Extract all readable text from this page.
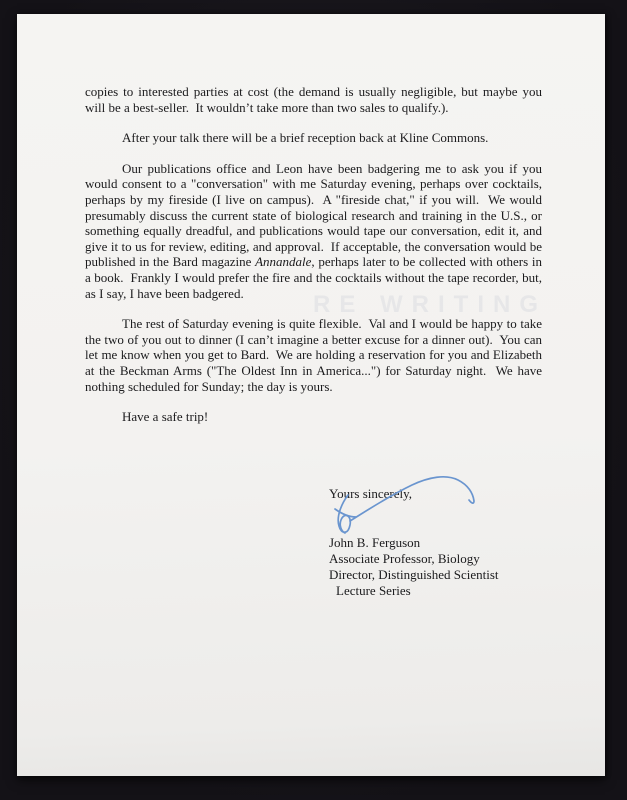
RE WRITING

copies to interested parties at cost (the demand is usually negligible, but maybe you will be a best-seller.  It wouldn’t take more than two sales to qualify.).

After your talk there will be a brief reception back at Kline Commons.

Our publications office and Leon have been badgering me to ask you if you would consent to a "conversation" with me Saturday evening, perhaps over cocktails, perhaps by my fireside (I live on campus).  A "fireside chat," if you will.  We would presumably discuss the current state of biological research and training in the U.S., or something equally dreadful, and publications would tape our conversation, edit it, and give it to us for review, editing, and approval.  If acceptable, the conversation would be published in the Bard magazine Annandale, perhaps later to be collected with others in a book.  Frankly I would prefer the fire and the cocktails without the tape recorder, but, as I say, I have been badgered.

The rest of Saturday evening is quite flexible.  Val and I would be happy to take the two of you out to dinner (I can’t imagine a better excuse for a dinner out).  You can let me know when you get to Bard.  We are holding a reservation for you and Elizabeth at the Beckman Arms ("The Oldest Inn in America...") for Saturday night.  We have nothing scheduled for Sunday; the day is yours.

Have a safe trip!

Yours sincerely,
John B. Ferguson
Associate Professor, Biology
Director, Distinguished Scientist
Lecture Series
